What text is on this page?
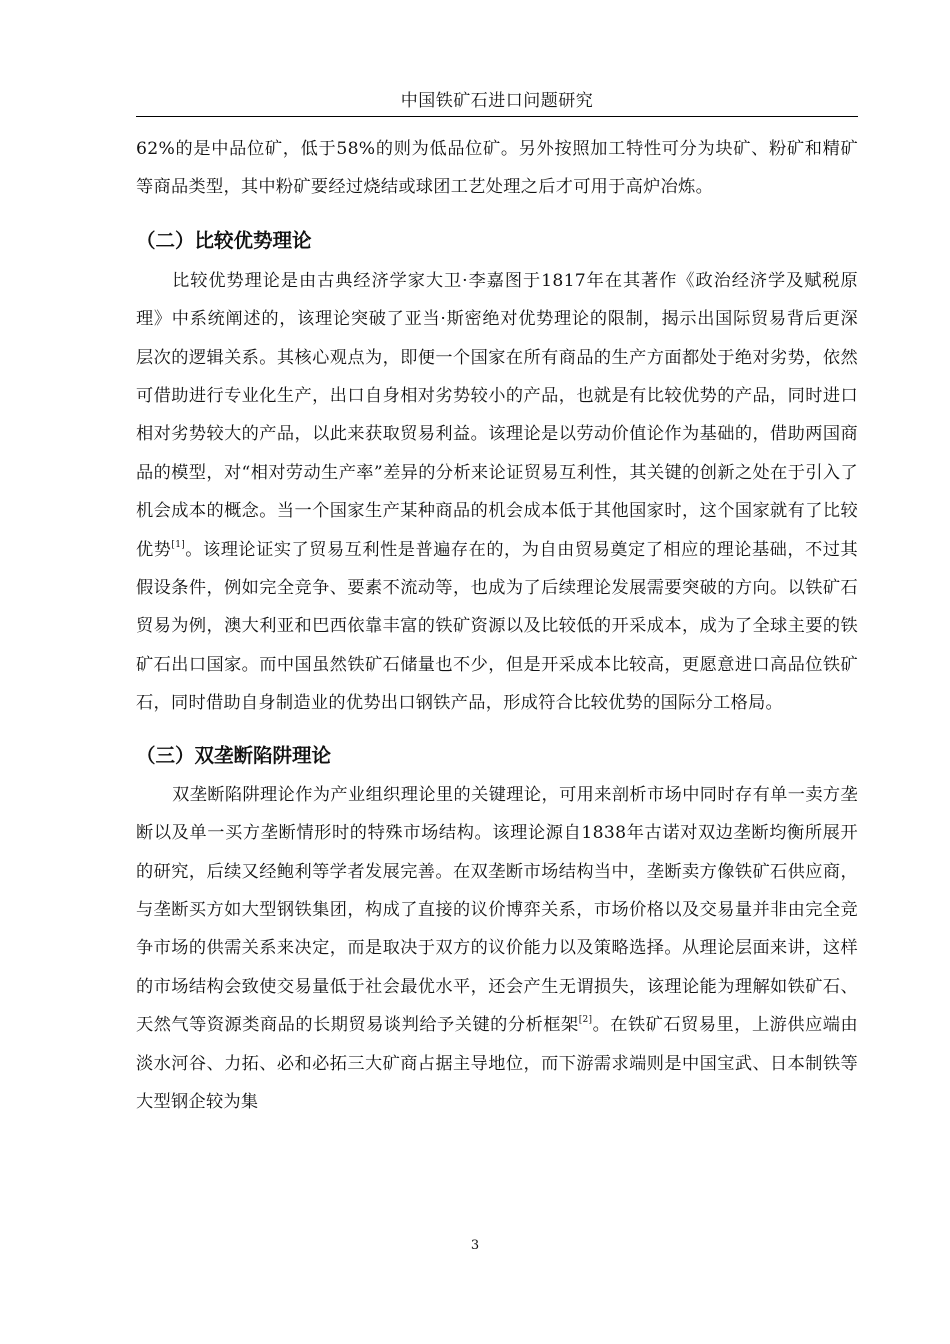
中国铁矿石进口问题研究

62%的是中品位矿，低于58%的则为低品位矿。另外按照加工特性可分为块矿、粉矿和精矿等商品类型，其中粉矿要经过烧结或球团工艺处理之后才可用于高炉冶炼。

（二）比较优势理论

比较优势理论是由古典经济学家大卫·李嘉图于1817年在其著作《政治经济学及赋税原理》中系统阐述的，该理论突破了亚当·斯密绝对优势理论的限制，揭示出国际贸易背后更深层次的逻辑关系。其核心观点为，即便一个国家在所有商品的生产方面都处于绝对劣势，依然可借助进行专业化生产，出口自身相对劣势较小的产品，也就是有比较优势的产品，同时进口相对劣势较大的产品，以此来获取贸易利益。该理论是以劳动价值论作为基础的，借助两国商品的模型，对“相对劳动生产率”差异的分析来论证贸易互利性，其关键的创新之处在于引入了机会成本的概念。当一个国家生产某种商品的机会成本低于其他国家时，这个国家就有了比较优势[1]。该理论证实了贸易互利性是普遍存在的，为自由贸易奠定了相应的理论基础，不过其假设条件，例如完全竞争、要素不流动等，也成为了后续理论发展需要突破的方向。以铁矿石贸易为例，澳大利亚和巴西依靠丰富的铁矿资源以及比较低的开采成本，成为了全球主要的铁矿石出口国家。而中国虽然铁矿石储量也不少，但是开采成本比较高，更愿意进口高品位铁矿石，同时借助自身制造业的优势出口钢铁产品，形成符合比较优势的国际分工格局。

（三）双垄断陷阱理论

双垄断陷阱理论作为产业组织理论里的关键理论，可用来剖析市场中同时存有单一卖方垄断以及单一买方垄断情形时的特殊市场结构。该理论源自1838年古诺对双边垄断均衡所展开的研究，后续又经鲍利等学者发展完善。在双垄断市场结构当中，垄断卖方像铁矿石供应商，与垄断买方如大型钢铁集团，构成了直接的议价博弈关系，市场价格以及交易量并非由完全竞争市场的供需关系来决定，而是取决于双方的议价能力以及策略选择。从理论层面来讲，这样的市场结构会致使交易量低于社会最优水平，还会产生无谓损失，该理论能为理解如铁矿石、天然气等资源类商品的长期贸易谈判给予关键的分析框架[2]。在铁矿石贸易里，上游供应端由淡水河谷、力拓、必和必拓三大矿商占据主导地位，而下游需求端则是中国宝武、日本制铁等大型钢企较为集

3
